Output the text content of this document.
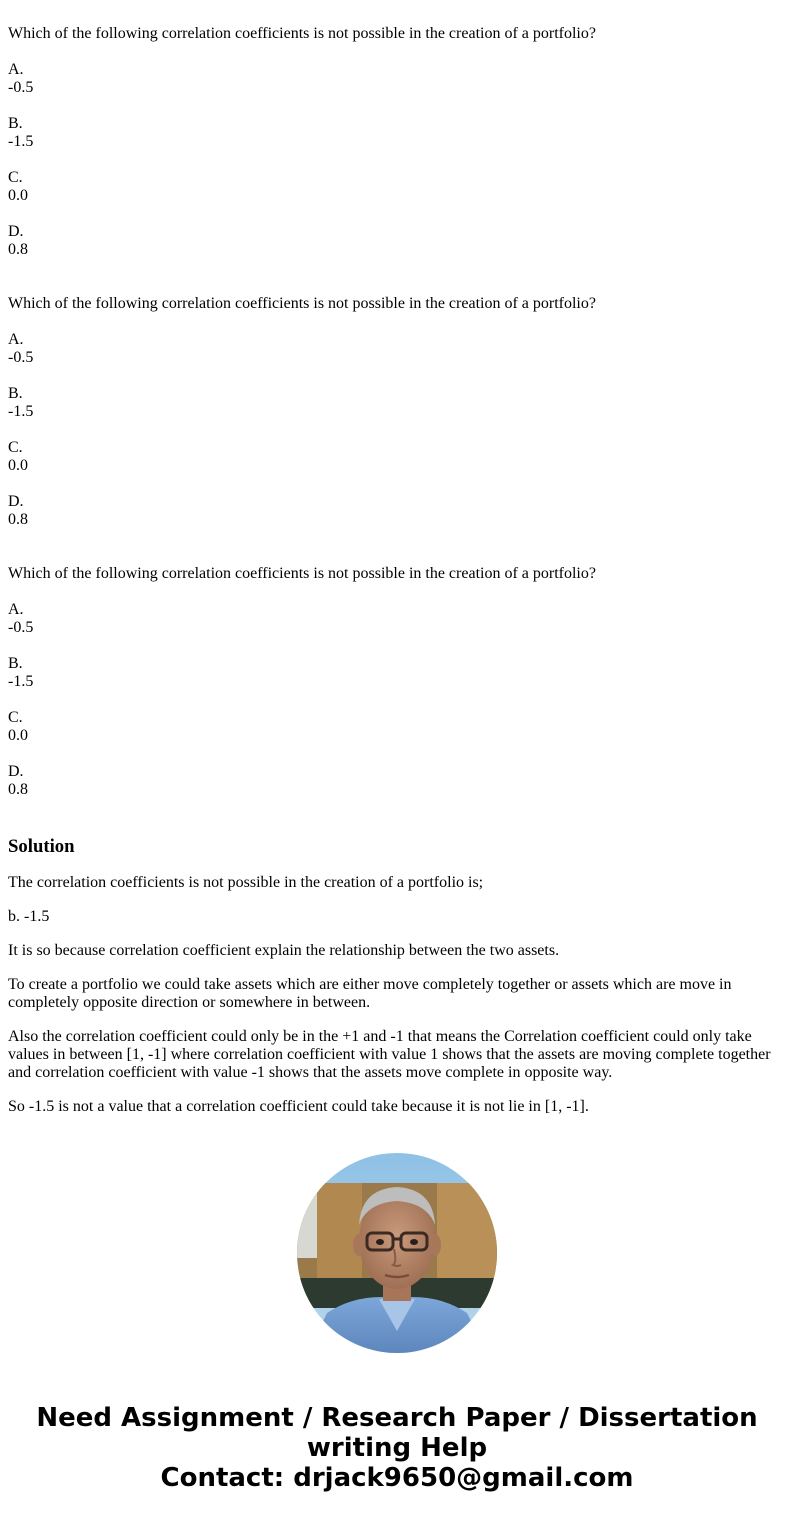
Which of the following correlation coefficients is not possible in the creation of a portfolio?

A.
-0.5
B.
-1.5
C.
0.0
D.
0.8

Which of the following correlation coefficients is not possible in the creation of a portfolio?

A.
-0.5
B.
-1.5
C.
0.0
D.
0.8

Which of the following correlation coefficients is not possible in the creation of a portfolio?

A.
-0.5
B.
-1.5
C.
0.0
D.
0.8
Solution

The correlation coefficients is not possible in the creation of a portfolio is;

b. -1.5

It is so because correlation coefficient explain the relationship between the two assets.

To create a portfolio we could take assets which are either move completely together or assets which are move in completely opposite direction or somewhere in between.

Also the correlation coefficient could only be in the +1 and -1 that means the Correlation coefficient could only take values in between [1, -1] where correlation coefficient with value 1 shows that the assets are moving complete together and correlation coefficient with value -1 shows that the assets move complete in opposite way.

So -1.5 is not a value that a correlation coefficient could take because it is not lie in [1, -1].

Need Assignment / Research Paper / Dissertation writing Help
Contact: drjack9650@gmail.com
